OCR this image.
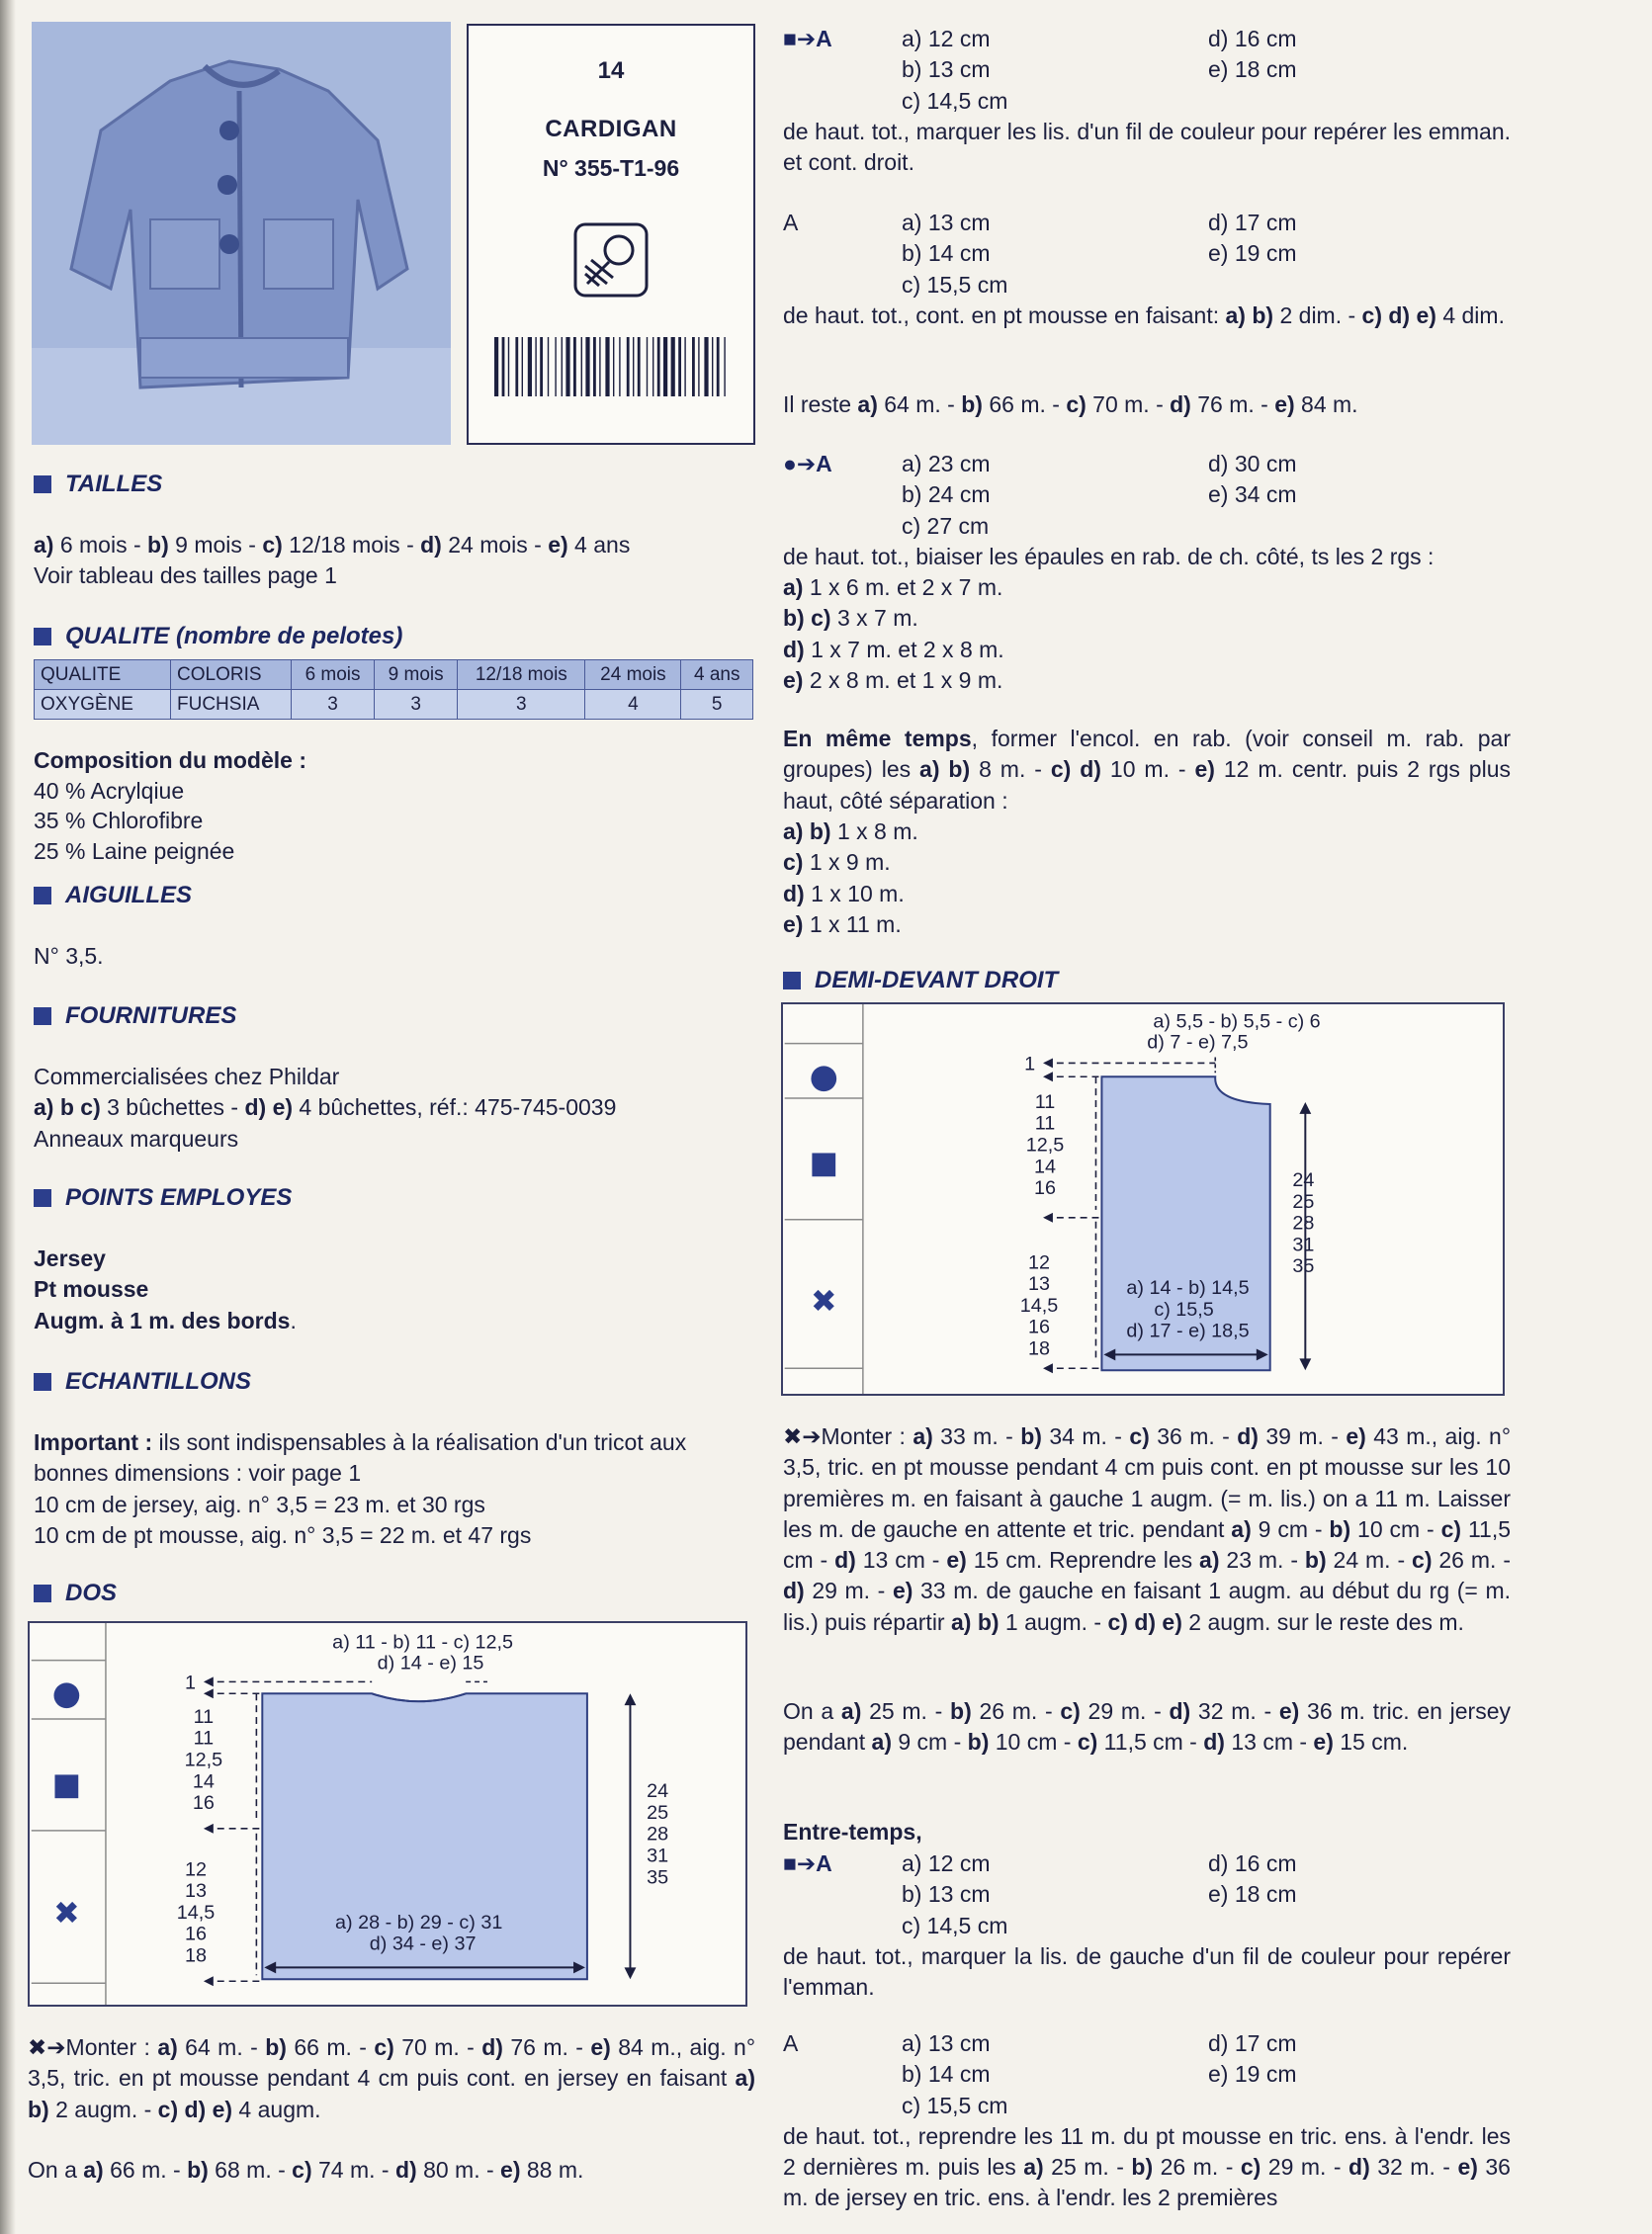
14
CARDIGAN
N° 355-T1-96
TAILLES
a) 6 mois - b) 9 mois - c) 12/18 mois - d) 24 mois - e) 4 ans
Voir tableau des tailles page 1
QUALITE (nombre de pelotes)
QUALITE	COLORIS	6 mois	9 mois	12/18 mois	24 mois	4 ans
OXYGÈNE	FUCHSIA	3	3	3	4	5
Composition du modèle :
40 % Acrylqiue
35 % Chlorofibre
25 % Laine peignée
AIGUILLES
N° 3,5.
FOURNITURES
Commercialisées chez Phildar
a) b c) 3 bûchettes - d) e) 4 bûchettes, réf.: 475-745-0039
Anneaux marqueurs
POINTS EMPLOYES
Jersey
Pt mousse
Augm. à 1 m. des bords.
ECHANTILLONS
Important : ils sont indispensables à la réalisation d'un tricot aux bonnes dimensions : voir page 1
10 cm de jersey, aig. n° 3,5 = 23 m. et 30 rgs
10 cm de pt mousse, aig. n° 3,5 = 22 m. et 47 rgs
DOS
✖
a) 11 - b) 11 - c) 12,5
d) 14 - e) 15
1
11
11
12,5
14
16
12
13
14,5
16
18
24
25
28
31
35
a) 28 - b) 29 - c) 31
d) 34 - e) 37
✖➔Monter : a) 64 m. - b) 66 m. - c) 70 m. - d) 76 m. - e) 84 m., aig. n° 3,5, tric. en pt mousse pendant 4 cm puis cont. en jersey en faisant a) b) 2 augm. - c) d) e) 4 augm.
On a a) 66 m. - b) 68 m. - c) 74 m. - d) 80 m. - e) 88 m.
■➔A	a) 12 cm	d) 16 cm
b) 13 cm	e) 18 cm
c) 14,5 cm
de haut. tot., marquer les lis. d'un fil de couleur pour repérer les emman. et cont. droit.
A	a) 13 cm	d) 17 cm
b) 14 cm	e) 19 cm
c) 15,5 cm
de haut. tot., cont. en pt mousse en faisant: a) b) 2 dim. - c) d) e) 4 dim.
Il reste a) 64 m. - b) 66 m. - c) 70 m. - d) 76 m. - e) 84 m.
●➔A	a) 23 cm	d) 30 cm
b) 24 cm	e) 34 cm
c) 27 cm
de haut. tot., biaiser les épaules en rab. de ch. côté, ts les 2 rgs :
a) 1 x 6 m. et 2 x 7 m.
b) c) 3 x 7 m.
d) 1 x 7 m. et 2 x 8 m.
e) 2 x 8 m. et 1 x 9 m.
En même temps, former l'encol. en rab. (voir conseil m. rab. par groupes) les a) b) 8 m. - c) d) 10 m. - e) 12 m. centr. puis 2 rgs plus haut, côté séparation :
a) b) 1 x 8 m.
c) 1 x 9 m.
d) 1 x 10 m.
e) 1 x 11 m.
DEMI-DEVANT DROIT
✖
a) 5,5 - b) 5,5 - c) 6
d) 7 - e) 7,5
1
11
11
12,5
14
16
12
13
14,5
16
18
24
25
28
31
35
a) 14 - b) 14,5
c) 15,5
d) 17 - e) 18,5
✖➔Monter : a) 33 m. - b) 34 m. - c) 36 m. - d) 39 m. - e) 43 m., aig. n° 3,5, tric. en pt mousse pendant 4 cm puis cont. en pt mousse sur les 10 premières m. en faisant à gauche 1 augm. (= m. lis.) on a 11 m. Laisser les m. de gauche en attente et tric. pendant a) 9 cm - b) 10 cm - c) 11,5 cm - d) 13 cm - e) 15 cm. Reprendre les a) 23 m. - b) 24 m. - c) 26 m. - d) 29 m. - e) 33 m. de gauche en faisant 1 augm. au début du rg (= m. lis.) puis répartir a) b) 1 augm. - c) d) e) 2 augm. sur le reste des m.
On a a) 25 m. - b) 26 m. - c) 29 m. - d) 32 m. - e) 36 m. tric. en jersey pendant a) 9 cm - b) 10 cm - c) 11,5 cm - d) 13 cm - e) 15 cm.
Entre-temps,
■➔A	a) 12 cm	d) 16 cm
b) 13 cm	e) 18 cm
c) 14,5 cm
de haut. tot., marquer la lis. de gauche d'un fil de couleur pour repérer l'emman.
A	a) 13 cm	d) 17 cm
b) 14 cm	e) 19 cm
c) 15,5 cm
de haut. tot., reprendre les 11 m. du pt mousse en tric. ens. à l'endr. les 2 dernières m. puis les a) 25 m. - b) 26 m. - c) 29 m. - d) 32 m. - e) 36 m. de jersey en tric. ens. à l'endr. les 2 premières
